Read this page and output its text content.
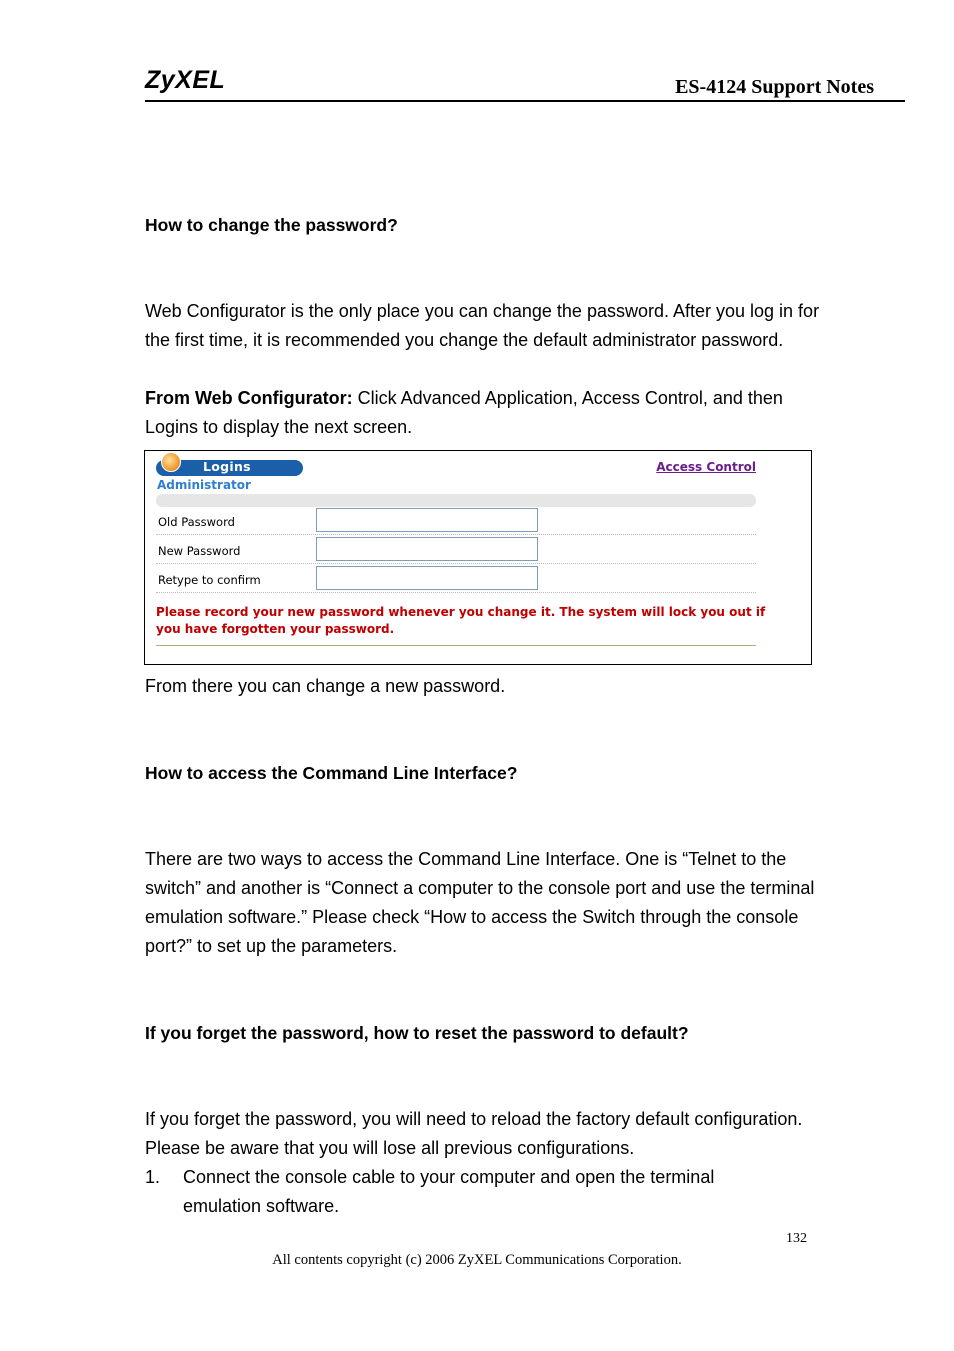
ZyXEL	ES-4124 Support Notes
How to change the password?
Web Configurator is the only place you can change the password. After you log in for the first time, it is recommended you change the default administrator password.
From Web Configurator: Click Advanced Application, Access Control, and then Logins to display the next screen.
Logins
Administrator
Access Control
Old Password
New Password
Retype to confirm
Please record your new password whenever you change it. The system will lock you out if you have forgotten your password.
From there you can change a new password.
How to access the Command Line Interface?
There are two ways to access the Command Line Interface. One is “Telnet to the switch” and another is “Connect a computer to the console port and use the terminal emulation software.” Please check “How to access the Switch through the console port?” to set up the parameters.
If you forget the password, how to reset the password to default?
If you forget the password, you will need to reload the factory default configuration. Please be aware that you will lose all previous configurations.
1. Connect the console cable to your computer and open the terminal emulation software.
132
All contents copyright (c) 2006 ZyXEL Communications Corporation.
